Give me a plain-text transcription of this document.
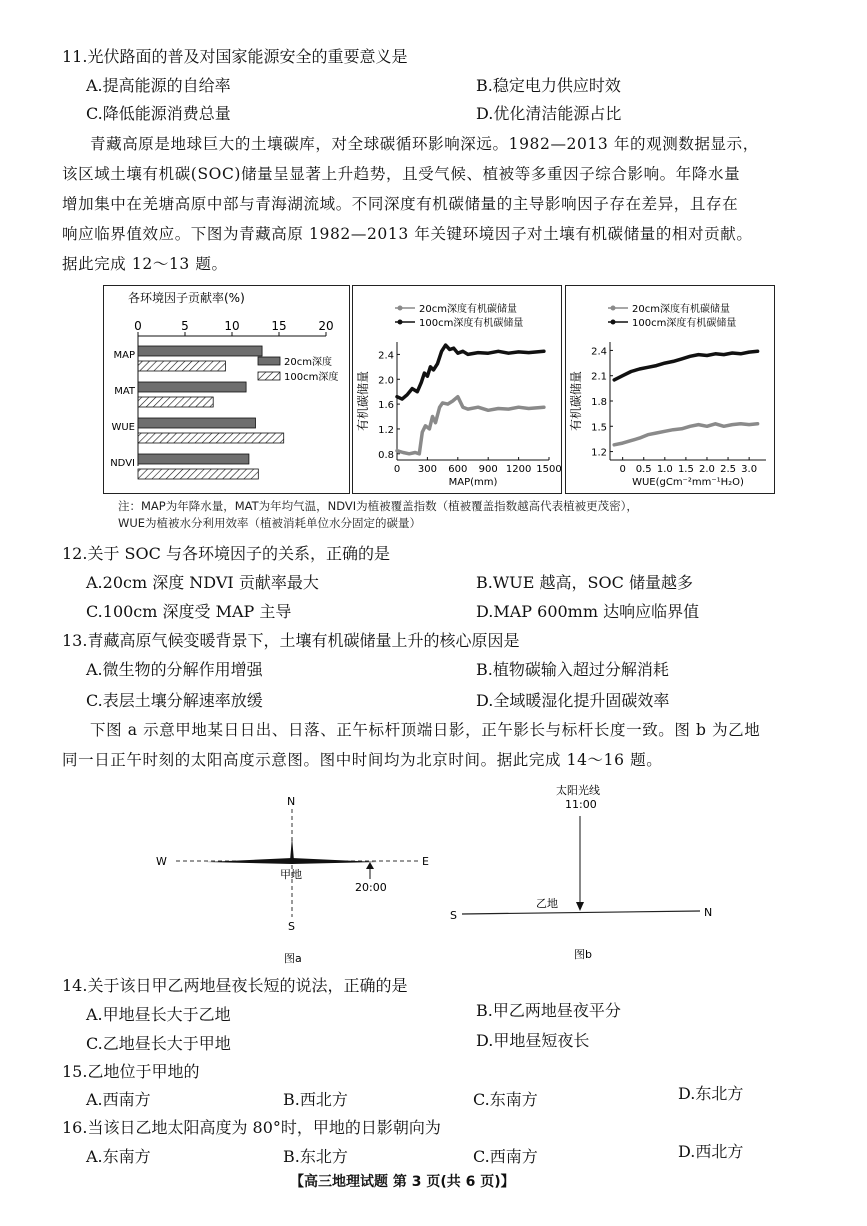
11.光伏路面的普及对国家能源安全的重要意义是
A.提高能源的自给率	B.稳定电力供应时效
C.降低能源消费总量	D.优化清洁能源占比
青藏高原是地球巨大的土壤碳库，对全球碳循环影响深远。1982—2013 年的观测数据显示，
该区域土壤有机碳(SOC)储量呈显著上升趋势，且受气候、植被等多重因子综合影响。年降水量
增加集中在羌塘高原中部与青海湖流域。不同深度有机碳储量的主导影响因子存在差异，且存在
响应临界值效应。下图为青藏高原 1982—2013 年关键环境因子对土壤有机碳储量的相对贡献。
据此完成 12～13 题。
各环境因子贡献率(%)
0	5	10	15	20
MAP
MAT
WUE
NDVI
20cm深度
100cm深度
20cm深度有机碳储量
100cm深度有机碳储量
0.8
1.2
1.6
2.0
2.4
0 300 600 900 1200 1500
MAP(mm)
有机碳储量
20cm深度有机碳储量
100cm深度有机碳储量
1.2
1.5
1.8
2.1
2.4
0 0.5 1.0 1.5 2.0 2.5 3.0
WUE(gCm⁻²mm⁻¹H₂O)
有机碳储量
注：MAP为年降水量，MAT为年均气温，NDVI为植被覆盖指数（植被覆盖指数越高代表植被更茂密），
WUE为植被水分利用效率（植被消耗单位水分固定的碳量）
12.关于 SOC 与各环境因子的关系，正确的是
A.20cm 深度 NDVI 贡献率最大	B.WUE 越高，SOC 储量越多
C.100cm 深度受 MAP 主导	D.MAP 600mm 达响应临界值
13.青藏高原气候变暖背景下，土壤有机碳储量上升的核心原因是
A.微生物的分解作用增强	B.植物碳输入超过分解消耗
C.表层土壤分解速率放缓	D.全域暖湿化提升固碳效率
下图 a 示意甲地某日日出、日落、正午标杆顶端日影，正午影长与标杆长度一致。图 b 为乙地
同一日正午时刻的太阳高度示意图。图中时间均为北京时间。据此完成 14～16 题。
N
S
W	E
甲地
20:00
图a
太阳光线
11:00
S	N
乙地
图b
14.关于该日甲乙两地昼夜长短的说法，正确的是
A.甲地昼长大于乙地	B.甲乙两地昼夜平分
C.乙地昼长大于甲地	D.甲地昼短夜长
15.乙地位于甲地的
A.西南方	B.西北方	C.东南方	D.东北方
16.当该日乙地太阳高度为 80°时，甲地的日影朝向为
A.东南方	B.东北方	C.西南方	D.西北方
【高三地理试题 第 3 页(共 6 页)】
